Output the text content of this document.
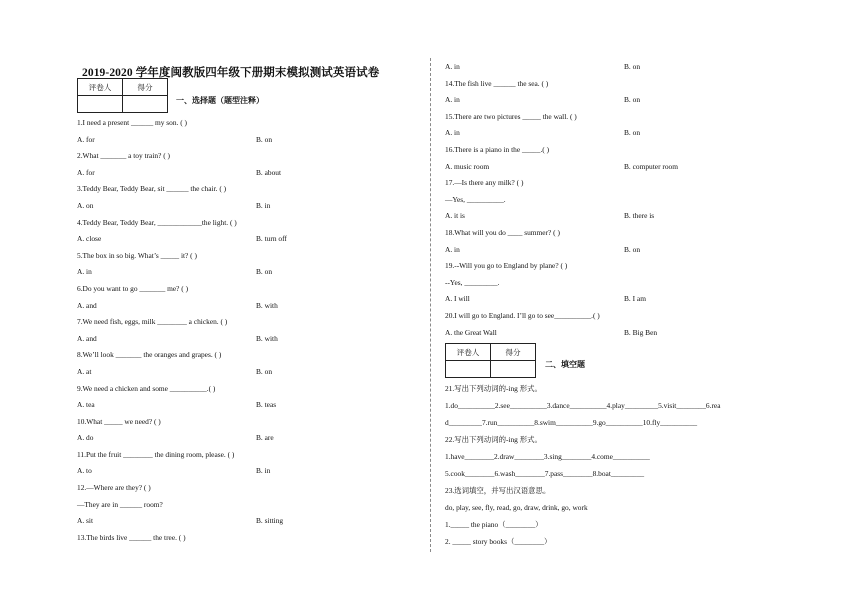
2019-2020 学年度闽教版四年级下册期末模拟测试英语试卷
评卷人	得分

一、选择题（题型注释）
1.I need a present ______ my son. ( )
A. for	B. on
2.What _______ a toy train? ( )
A. for	B. about
3.Teddy Bear, Teddy Bear, sit ______ the chair. ( )
A. on	B. in
4.Teddy Bear, Teddy Bear, ____________the light. ( )
A. close	B. turn off
5.The box in so big. What’s _____ it? ( )
A. in	B. on
6.Do you want to go _______ me? ( )
A. and	B. with
7.We need fish, eggs, milk ________ a chicken. ( )
A. and	B. with
8.We’ll look _______ the oranges and grapes. ( )
A. at	B. on
9.We need a chicken and some __________.( )
A. tea	B. teas
10.What _____ we need? ( )
A. do	B. are
11.Put the fruit ________ the dining room, please. ( )
A. to	B. in
12.—Where are they? ( )
—They are in ______ room?
A. sit	B. sitting
13.The birds live ______ the tree. ( )
A. in	B. on
14.The fish live ______ the sea. ( )
A. in	B. on
15.There are two pictures _____ the wall. ( )
A. in	B. on
16.There is a piano in the _____.( )
A. music room	B. computer room
17.—Is there any milk? ( )
—Yes, __________.
A. it is	B. there is
18.What will you do ____ summer? ( )
A. in	B. on
19.--Will you go to England by plane? ( )
--Yes, _________.
A. I will	B. I am
20.I will go to England. I’ll go to see__________.( )
A. the Great Wall	B. Big Ben
评卷人	得分

二、填空题
21.写出下列动词的-ing 形式。
1.do__________2.see__________3.dance__________4.play_________5.visit________6.rea
d_________7.run__________8.swim__________9.go__________10.fly__________
22.写出下列动词的-ing 形式。
1.have________2.draw________3.sing________4.come__________
5.cook________6.wash________7.pass________8.boat_________
23.选词填空，并写出汉语意思。
do, play, see, fly, read, go, draw, drink, go, work
1._____ the piano（________）
2. _____ story books（________）
